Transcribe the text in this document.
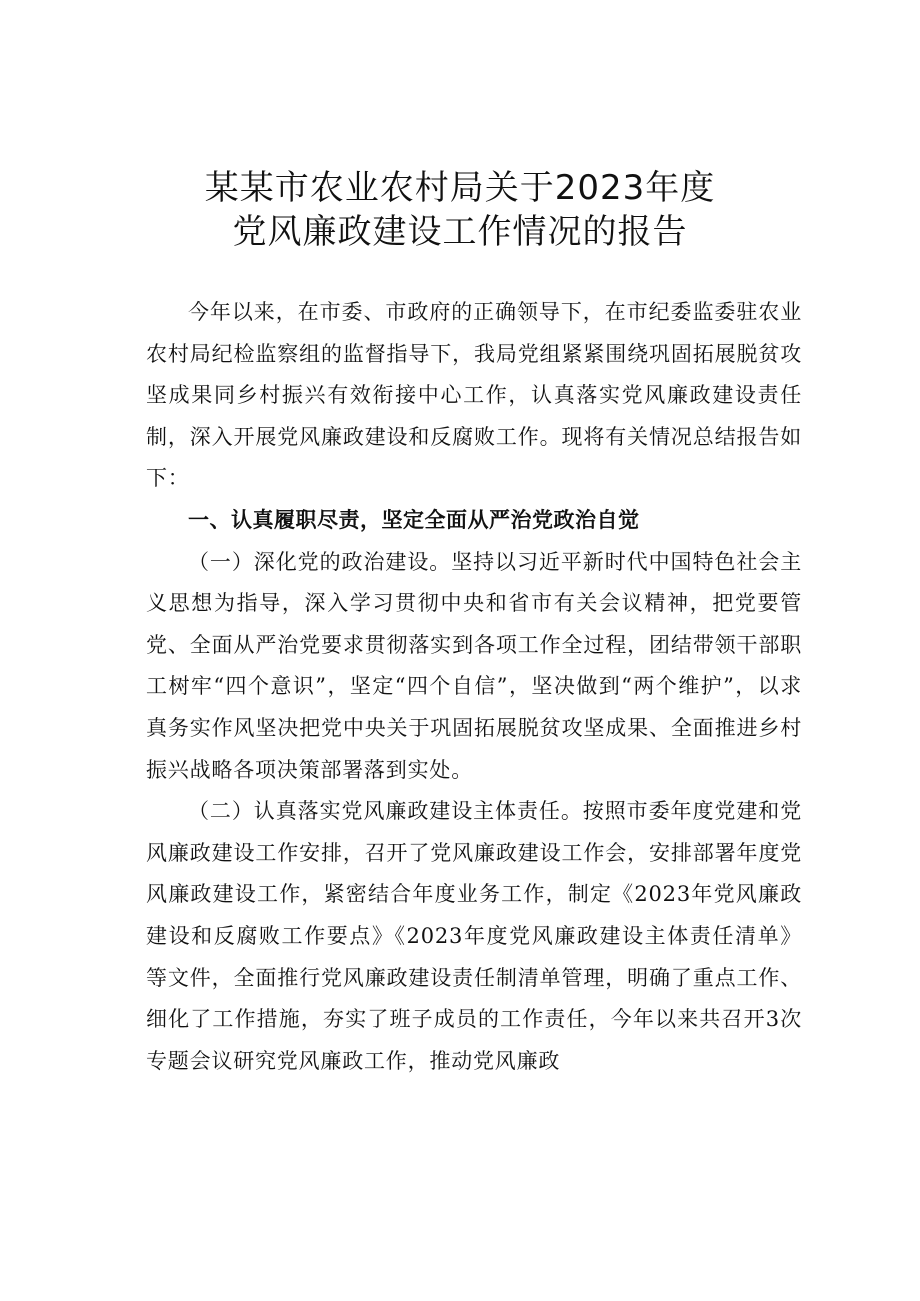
某某市农业农村局关于2023年度
党风廉政建设工作情况的报告

今年以来，在市委、市政府的正确领导下，在市纪委监委驻农业农村局纪检监察组的监督指导下，我局党组紧紧围绕巩固拓展脱贫攻坚成果同乡村振兴有效衔接中心工作，认真落实党风廉政建设责任制，深入开展党风廉政建设和反腐败工作。现将有关情况总结报告如下：

一、认真履职尽责，坚定全面从严治党政治自觉

（一）深化党的政治建设。坚持以习近平新时代中国特色社会主义思想为指导，深入学习贯彻中央和省市有关会议精神，把党要管党、全面从严治党要求贯彻落实到各项工作全过程，团结带领干部职工树牢“四个意识”，坚定“四个自信”，坚决做到“两个维护”，以求真务实作风坚决把党中央关于巩固拓展脱贫攻坚成果、全面推进乡村振兴战略各项决策部署落到实处。

（二）认真落实党风廉政建设主体责任。按照市委年度党建和党风廉政建设工作安排，召开了党风廉政建设工作会，安排部署年度党风廉政建设工作，紧密结合年度业务工作，制定《2023年党风廉政建设和反腐败工作要点》《2023年度党风廉政建设主体责任清单》等文件，全面推行党风廉政建设责任制清单管理，明确了重点工作、细化了工作措施，夯实了班子成员的工作责任，今年以来共召开3次专题会议研究党风廉政工作，推动党风廉政
